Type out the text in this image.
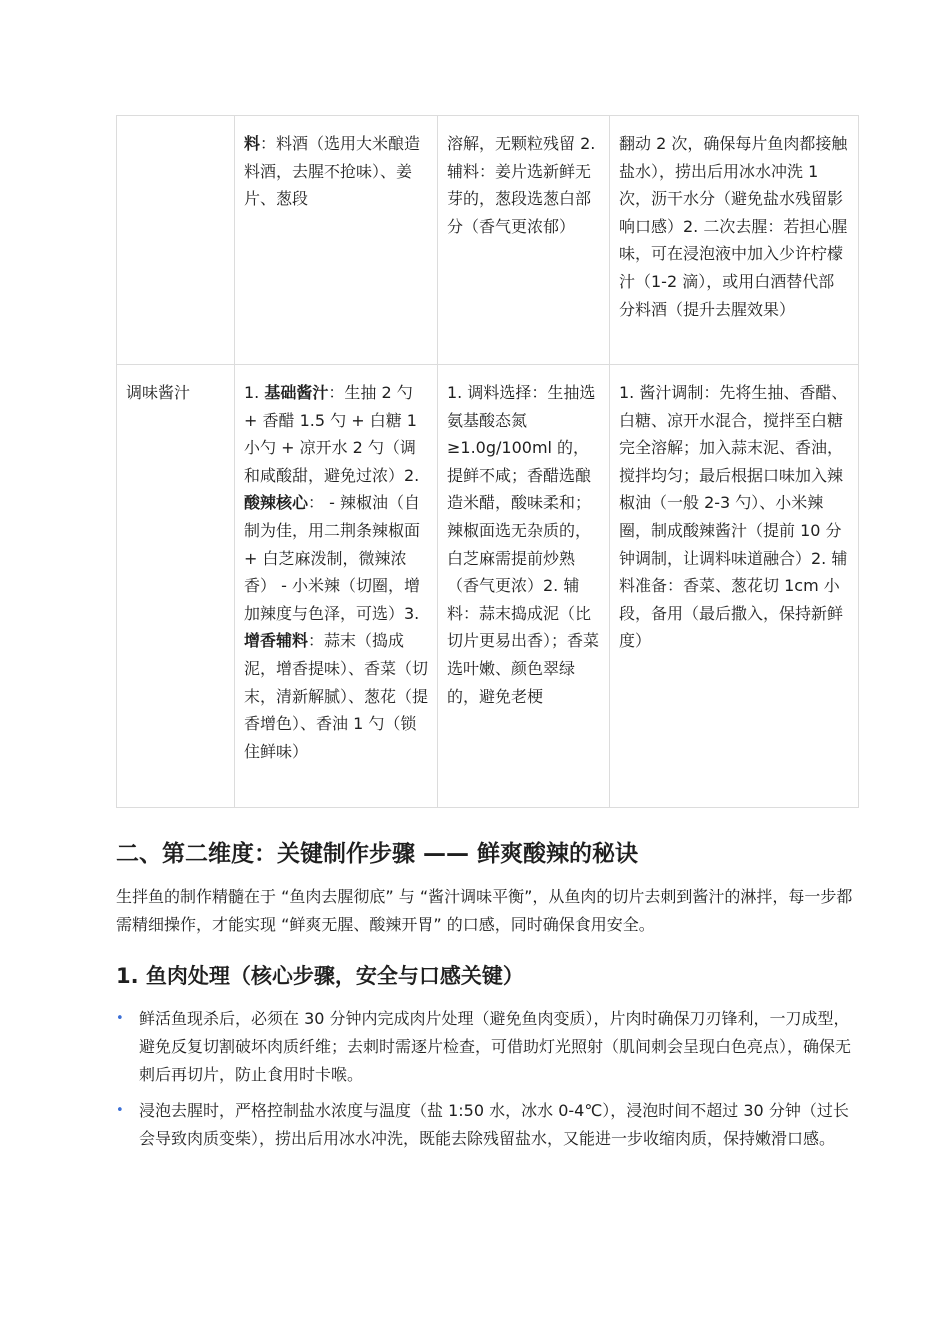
	料：料酒（选用大米酿造料酒，去腥不抢味）、姜片、葱段	溶解，无颗粒残留 2. 辅料：姜片选新鲜无芽的，葱段选葱白部分（香气更浓郁）	翻动 2 次，确保每片鱼肉都接触盐水），捞出后用冰水冲洗 1 次，沥干水分（避免盐水残留影响口感）2. 二次去腥：若担心腥味，可在浸泡液中加入少许柠檬汁（1-2 滴），或用白酒替代部分料酒（提升去腥效果）
调味酱汁	1. 基础酱汁：生抽 2 勺 + 香醋 1.5 勺 + 白糖 1 小勺 + 凉开水 2 勺（调和咸酸甜，避免过浓）2. 酸辣核心： - 辣椒油（自制为佳，用二荆条辣椒面 + 白芝麻泼制，微辣浓香） - 小米辣（切圈，增加辣度与色泽，可选）3. 增香辅料：蒜末（捣成泥，增香提味）、香菜（切末，清新解腻）、葱花（提香增色）、香油 1 勺（锁住鲜味）	1. 调料选择：生抽选氨基酸态氮≥1.0g/100ml 的，提鲜不咸；香醋选酿造米醋，酸味柔和；辣椒面选无杂质的，白芝麻需提前炒熟（香气更浓）2. 辅料：蒜末捣成泥（比切片更易出香）；香菜选叶嫩、颜色翠绿的，避免老梗	1. 酱汁调制：先将生抽、香醋、白糖、凉开水混合，搅拌至白糖完全溶解；加入蒜末泥、香油，搅拌均匀；最后根据口味加入辣椒油（一般 2-3 勺）、小米辣圈，制成酸辣酱汁（提前 10 分钟调制，让调料味道融合）2. 辅料准备：香菜、葱花切 1cm 小段，备用（最后撒入，保持新鲜度）
二、第二维度：关键制作步骤 —— 鲜爽酸辣的秘诀

生拌鱼的制作精髓在于 “鱼肉去腥彻底” 与 “酱汁调味平衡”，从鱼肉的切片去刺到酱汁的淋拌，每一步都需精细操作，才能实现 “鲜爽无腥、酸辣开胃” 的口感，同时确保食用安全。

1. 鱼肉处理（核心步骤，安全与口感关键）
• 鲜活鱼现杀后，必须在 30 分钟内完成肉片处理（避免鱼肉变质），片肉时确保刀刃锋利，一刀成型，避免反复切割破坏肉质纤维；去刺时需逐片检查，可借助灯光照射（肌间刺会呈现白色亮点），确保无刺后再切片，防止食用时卡喉。
• 浸泡去腥时，严格控制盐水浓度与温度（盐 1:50 水，冰水 0-4℃），浸泡时间不超过 30 分钟（过长会导致肉质变柴），捞出后用冰水冲洗，既能去除残留盐水，又能进一步收缩肉质，保持嫩滑口感。
